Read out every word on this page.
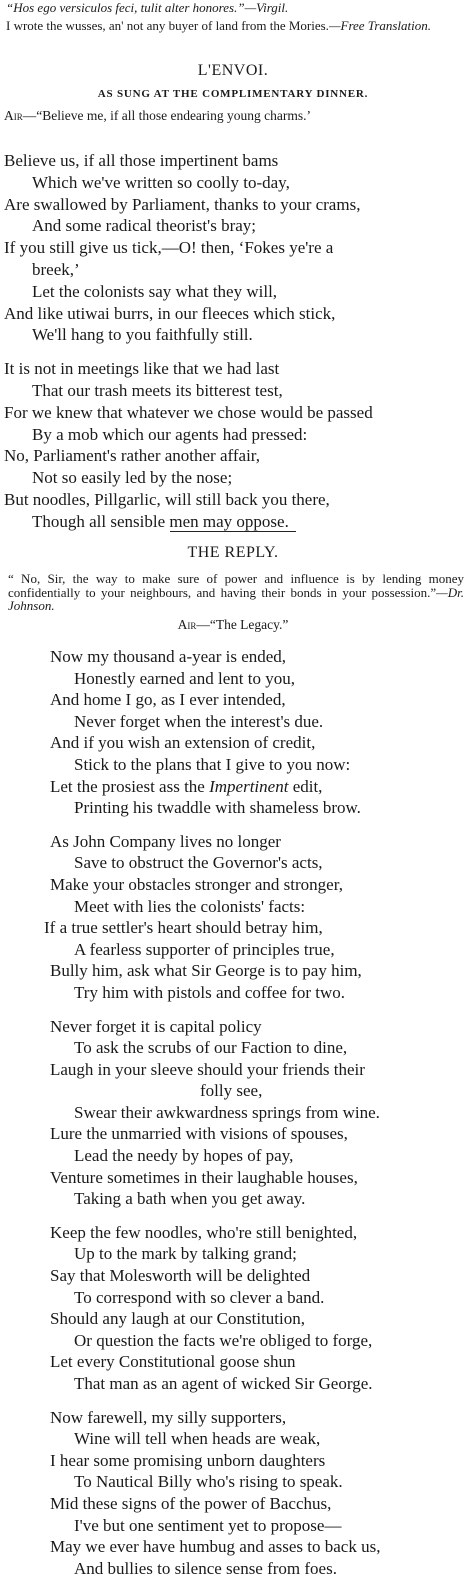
“Hos ego versiculos feci, tulit alter honores.”—Virgil.

I wrote the wusses, an' not any buyer of land from the Mories.—Free Translation.

L'ENVOI.

AS SUNG AT THE COMPLIMENTARY DINNER.

Air—“Believe me, if all those endearing young charms.’

Believe us, if all those impertinent bams

Which we've written so coolly to-day,

Are swallowed by Parliament, thanks to your crams,

And some radical theorist's bray;

If you still give us tick,—O! then, ‘Fokes ye're a

breek,’

Let the colonists say what they will,

And like utiwai burrs, in our fleeces which stick,

We'll hang to you faithfully still.

It is not in meetings like that we had last

That our trash meets its bitterest test,

For we knew that whatever we chose would be passed

By a mob which our agents had pressed:

No, Parliament's rather another affair,

Not so easily led by the nose;

But noodles, Pillgarlic, will still back you there,

Though all sensible men may oppose.

THE REPLY.

“ No, Sir, the way to make sure of power and influence is by lending money confidentially to your neighbours, and having their bonds in your possession.”—Dr. Johnson.

Air—“The Legacy.”

Now my thousand a-year is ended,

Honestly earned and lent to you,

And home I go, as I ever intended,

Never forget when the interest's due.

And if you wish an extension of credit,

Stick to the plans that I give to you now:

Let the prosiest ass the Impertinent edit,

Printing his twaddle with shameless brow.

As John Company lives no longer

Save to obstruct the Governor's acts,

Make your obstacles stronger and stronger,

Meet with lies the colonists' facts:

If a true settler's heart should betray him,

A fearless supporter of principles true,

Bully him, ask what Sir George is to pay him,

Try him with pistols and coffee for two.

Never forget it is capital policy

To ask the scrubs of our Faction to dine,

Laugh in your sleeve should your friends their

folly see,

Swear their awkwardness springs from wine.

Lure the unmarried with visions of spouses,

Lead the needy by hopes of pay,

Venture sometimes in their laughable houses,

Taking a bath when you get away.

Keep the few noodles, who're still benighted,

Up to the mark by talking grand;

Say that Molesworth will be delighted

To correspond with so clever a band.

Should any laugh at our Constitution,

Or question the facts we're obliged to forge,

Let every Constitutional goose shun

That man as an agent of wicked Sir George.

Now farewell, my silly supporters,

Wine will tell when heads are weak,

I hear some promising unborn daughters

To Nautical Billy who's rising to speak.

Mid these signs of the power of Bacchus,

I've but one sentiment yet to propose—

May we ever have humbug and asses to back us,

And bullies to silence sense from foes.
